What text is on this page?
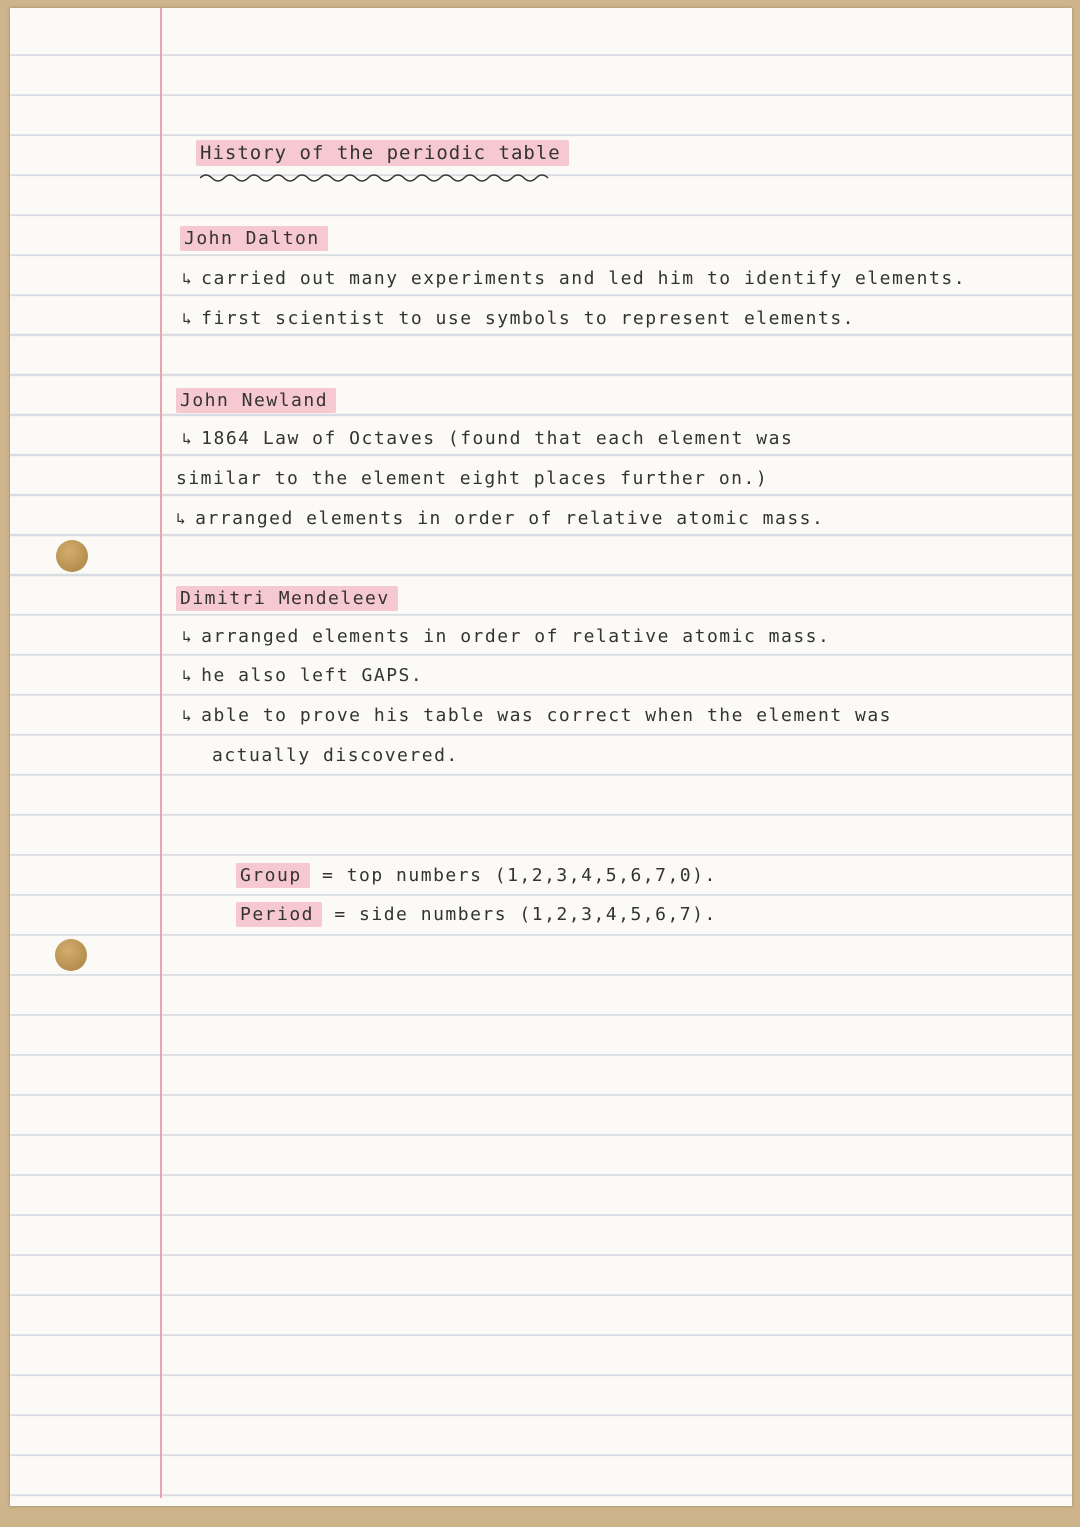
History of the periodic table
John Dalton
↳ carried out many experiments and led him to identify elements.
↳ first scientist to use symbols to represent elements.
John Newland
↳ 1864 Law of Octaves (found that each element was
similar to the element eight places further on.)
↳ arranged elements in order of relative atomic mass.
Dimitri Mendeleev
↳ arranged elements in order of relative atomic mass.
↳ he also left GAPS.
↳ able to prove his table was correct when the element was
actually discovered.
Group = top numbers (1,2,3,4,5,6,7,0).
Period = side numbers (1,2,3,4,5,6,7).
